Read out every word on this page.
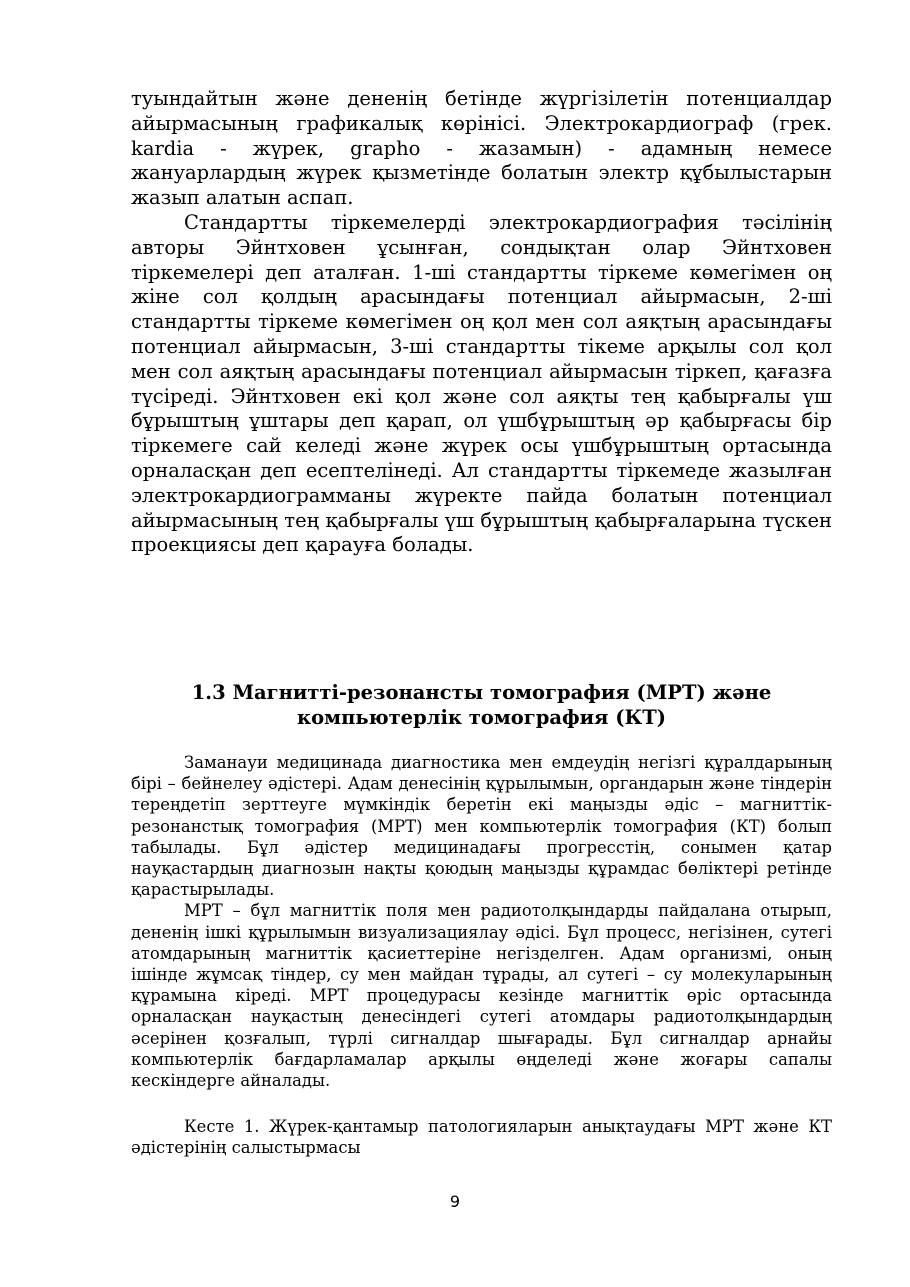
туындайтын және дененің бетінде жүргізілетін потенциалдар айырмасының графикалық көрінісі. Электрокардиограф (грек. kardia - жүрек, grapho - жазамын) - адамның немесе жануарлардың жүрек қызметінде болатын электр құбылыстарын жазып алатын аспап.

Стандартты тіркемелерді электрокардиография тәсілінің авторы Эйнтховен ұсынған, сондықтан олар Эйнтховен тіркемелері деп аталған. 1-ші стандартты тіркеме көмегімен оң жіне сол қолдың арасындағы потенциал айырмасын, 2-ші стандартты тіркеме көмегімен оң қол мен сол аяқтың арасындағы потенциал айырмасын, 3-ші стандартты тікеме арқылы сол қол мен сол аяқтың арасындағы потенциал айырмасын тіркеп, қағазға түсіреді. Эйнтховен екі қол және сол аяқты тең қабырғалы үш бұрыштың ұштары деп қарап, ол үшбұрыштың әр қабырғасы бір тіркемеге сай келеді және жүрек осы үшбұрыштың ортасында орналасқан деп есептелінеді. Ал стандартты тіркемеде жазылған электрокардиограмманы жүректе пайда болатын потенциал айырмасының тең қабырғалы үш бұрыштың қабырғаларына түскен проекциясы деп қарауға болады.

1.3 Магнитті-резонансты томография (МРТ) және компьютерлік томография (КТ)

Заманауи медицинада диагностика мен емдеудің негізгі құралдарының бірі – бейнелеу әдістері. Адам денесінің құрылымын, органдарын және тіндерін тереңдетіп зерттеуге мүмкіндік беретін екі маңызды әдіс – магниттік-резонанстық томография (МРТ) мен компьютерлік томография (КТ) болып табылады. Бұл әдістер медицинадағы прогресстің, сонымен қатар науқастардың диагнозын нақты қоюдың маңызды құрамдас бөліктері ретінде қарастырылады.

МРТ – бұл магниттік поля мен радиотолқындарды пайдалана отырып, дененің ішкі құрылымын визуализациялау әдісі. Бұл процесс, негізінен, сутегі атомдарының магниттік қасиеттеріне негізделген. Адам организмі, оның ішінде жұмсақ тіндер, су мен майдан тұрады, ал сутегі – су молекуларының құрамына кіреді. МРТ процедурасы кезінде магниттік өріс ортасында орналасқан науқастың денесіндегі сутегі атомдары радиотолқындардың әсерінен қозғалып, түрлі сигналдар шығарады. Бұл сигналдар арнайы компьютерлік бағдарламалар арқылы өңделеді және жоғары сапалы кескіндерге айналады.

Кесте 1. Жүрек-қантамыр патологияларын анықтаудағы МРТ және КТ әдістерінің салыстырмасы

9
